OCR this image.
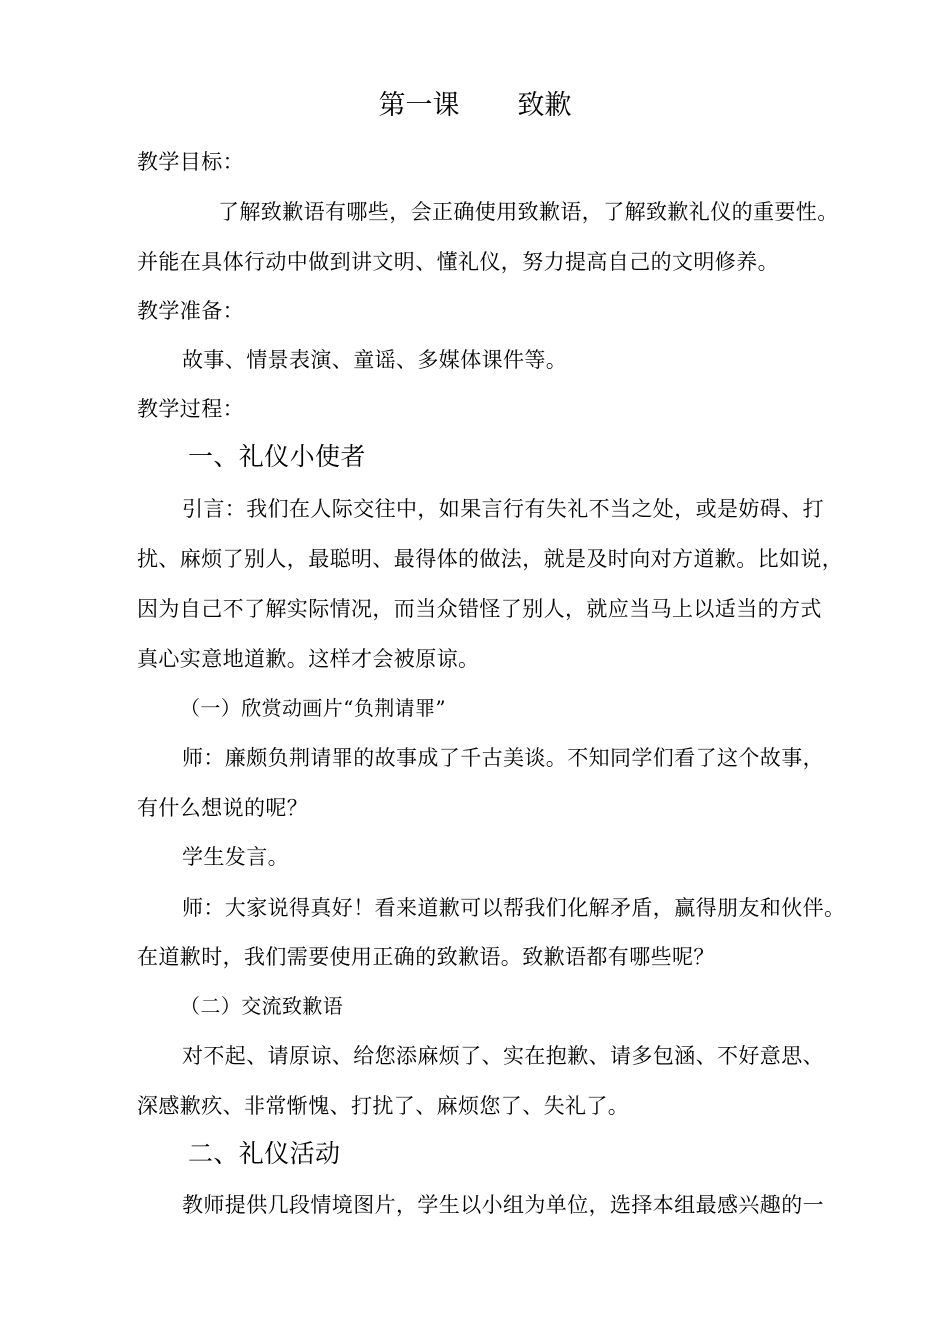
第一课 致歉
教学目标：
了解致歉语有哪些，会正确使用致歉语，了解致歉礼仪的重要性。
并能在具体行动中做到讲文明、懂礼仪，努力提高自己的文明修养。
教学准备：
故事、情景表演、童谣、多媒体课件等。
教学过程：
一、礼仪小使者
引言：我们在人际交往中，如果言行有失礼不当之处，或是妨碍、打
扰、麻烦了别人，最聪明、最得体的做法，就是及时向对方道歉。比如说，
因为自己不了解实际情况，而当众错怪了别人，就应当马上以适当的方式
真心实意地道歉。这样才会被原谅。
（一）欣赏动画片“负荆请罪”
师：廉颇负荆请罪的故事成了千古美谈。不知同学们看了这个故事，
有什么想说的呢？
学生发言。
师：大家说得真好！看来道歉可以帮我们化解矛盾，赢得朋友和伙伴。
在道歉时，我们需要使用正确的致歉语。致歉语都有哪些呢？
（二）交流致歉语
对不起、请原谅、给您添麻烦了、实在抱歉、请多包涵、不好意思、
深感歉疚、非常惭愧、打扰了、麻烦您了、失礼了。
二、礼仪活动
教师提供几段情境图片，学生以小组为单位，选择本组最感兴趣的一
